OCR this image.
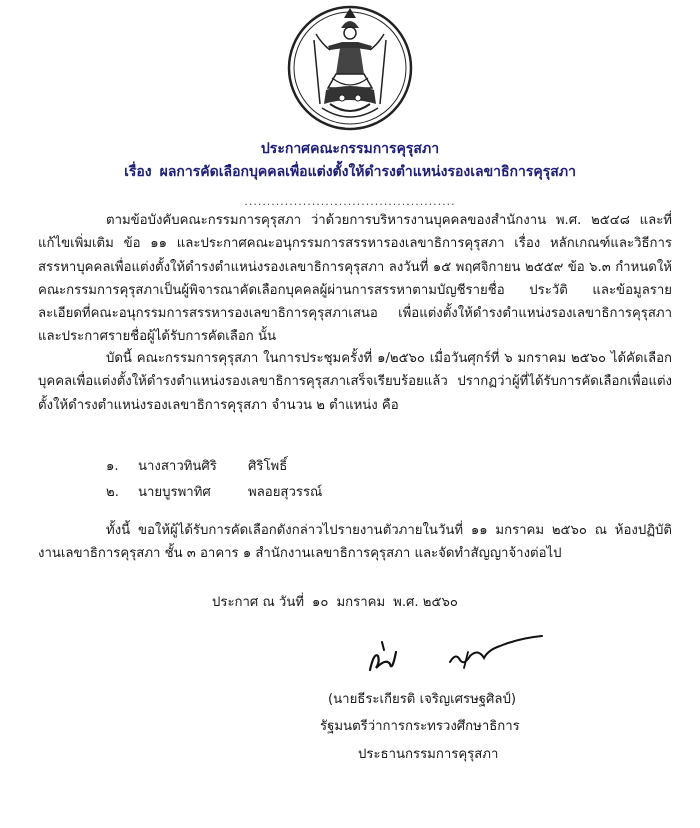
ประกาศคณะกรรมการคุรุสภา
เรื่อง ผลการคัดเลือกบุคคลเพื่อแต่งตั้งให้ดำรงตำแหน่งรองเลขาธิการคุรุสภา
...............................................

ตามข้อบังคับคณะกรรมการคุรุสภา ว่าด้วยการบริหารงานบุคคลของสำนักงาน พ.ศ. ๒๕๔๘ และที่แก้ไขเพิ่มเติม ข้อ ๑๑ และประกาศคณะอนุกรรมการสรรหารองเลขาธิการคุรุสภา เรื่อง หลักเกณฑ์และวิธีการสรรหาบุคคลเพื่อแต่งตั้งให้ดำรงตำแหน่งรองเลขาธิการคุรุสภา ลงวันที่ ๑๕ พฤศจิกายน ๒๕๕๙ ข้อ ๖.๓ กำหนดให้คณะกรรมการคุรุสภาเป็นผู้พิจารณาคัดเลือกบุคคลผู้ผ่านการสรรหาตามบัญชีรายชื่อ ประวัติ และข้อมูลรายละเอียดที่คณะอนุกรรมการสรรหารองเลขาธิการคุรุสภาเสนอ เพื่อแต่งตั้งให้ดำรงตำแหน่งรองเลขาธิการคุรุสภา และประกาศรายชื่อผู้ได้รับการคัดเลือก นั้น

บัดนี้ คณะกรรมการคุรุสภา ในการประชุมครั้งที่ ๑/๒๕๖๐ เมื่อวันศุกร์ที่ ๖ มกราคม ๒๕๖๐ ได้คัดเลือกบุคคลเพื่อแต่งตั้งให้ดำรงตำแหน่งรองเลขาธิการคุรุสภาเสร็จเรียบร้อยแล้ว ปรากฏว่าผู้ที่ได้รับการคัดเลือกเพื่อแต่งตั้งให้ดำรงตำแหน่งรองเลขาธิการคุรุสภา จำนวน ๒ ตำแหน่ง คือ

๑. นางสาวทินศิริ ศิริโพธิ์
๒. นายบูรพาทิศ	พลอยสุวรรณ์

ทั้งนี้ ขอให้ผู้ได้รับการคัดเลือกดังกล่าวไปรายงานตัวภายในวันที่ ๑๑ มกราคม ๒๕๖๐ ณ ห้องปฏิบัติงานเลขาธิการคุรุสภา ชั้น ๓ อาคาร ๑ สำนักงานเลขาธิการคุรุสภา และจัดทำสัญญาจ้างต่อไป

ประกาศ ณ วันที่ ๑๐ มกราคม พ.ศ. ๒๕๖๐
(นายธีระเกียรติ เจริญเศรษฐศิลป์)
รัฐมนตรีว่าการกระทรวงศึกษาธิการ
ประธานกรรมการคุรุสภา
